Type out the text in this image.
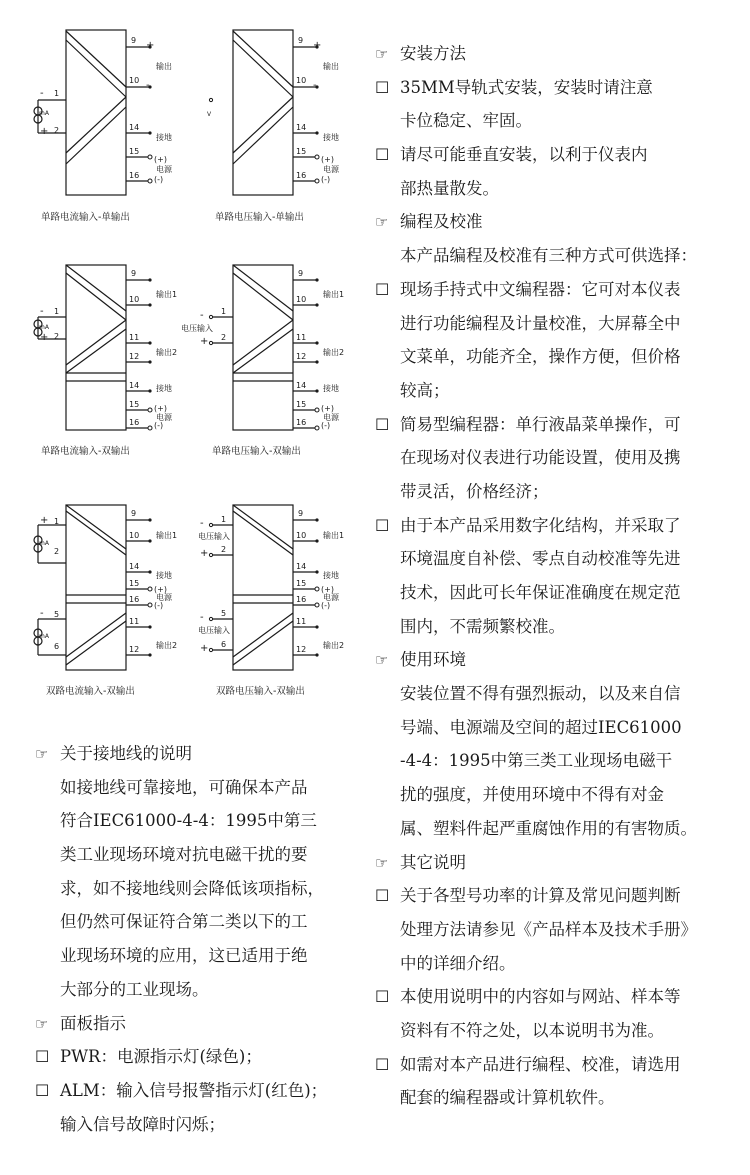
9
10
14
15
16
1
2
输出
接地
(+)
电源
(-)
mA
+
-
+
-
单路电流输入-单输出
9
10
14
15
16
输出
接地
(+)
电源
(-)
V
-
+
单路电压输入-单输出
9
10
11
12
14
15
16
1
2
输出1
输出2
接地
(+)
电源
(-)
mA
-
+
单路电流输入-双输出
9
10
11
12
14
15
16
1
2
输出1
电压输入
输出2
接地
(+)
电源
(-)
-
+
单路电压输入-双输出
9
10
14
15
16
11
12
1
2
5
6
输出1
接地
(+)
电源
(-)
输出2
mA
mA
+
-
双路电流输入-双输出
9
10
14
15
16
11
12
1
2
5
6
输出1
电压输入
电压输入
接地
(+)
电源
(-)
输出2
-
+
-
+
双路电压输入-双输出
☞ 关于接地线的说明
如接地线可靠接地，可确保本产品
符合IEC61000-4-4：1995中第三
类工业现场环境对抗电磁干扰的要
求，如不接地线则会降低该项指标，
但仍然可保证符合第二类以下的工
业现场环境的应用，这已适用于绝
大部分的工业现场。
☞ 面板指示
☐ PWR：电源指示灯(绿色)；
☐ ALM：输入信号报警指示灯(红色)；
输入信号故障时闪烁；
☞ 安装方法
☐ 35MM导轨式安装，安装时请注意
卡位稳定、牢固。
☐ 请尽可能垂直安装，以利于仪表内
部热量散发。
☞ 编程及校准
本产品编程及校准有三种方式可供选择：
☐ 现场手持式中文编程器：它可对本仪表
进行功能编程及计量校准，大屏幕全中
文菜单，功能齐全，操作方便，但价格
较高；
☐ 简易型编程器：单行液晶菜单操作，可
在现场对仪表进行功能设置，使用及携
带灵活，价格经济；
☐ 由于本产品采用数字化结构，并采取了
环境温度自补偿、零点自动校准等先进
技术，因此可长年保证准确度在规定范
围内，不需频繁校准。
☞ 使用环境
安装位置不得有强烈振动，以及来自信
号端、电源端及空间的超过IEC61000
-4-4：1995中第三类工业现场电磁干
扰的强度，并使用环境中不得有对金
属、塑料件起严重腐蚀作用的有害物质。
☞ 其它说明
☐ 关于各型号功率的计算及常见问题判断
处理方法请参见《产品样本及技术手册》
中的详细介绍。
☐ 本使用说明中的内容如与网站、样本等
资料有不符之处，以本说明书为准。
☐ 如需对本产品进行编程、校准，请选用
配套的编程器或计算机软件。
